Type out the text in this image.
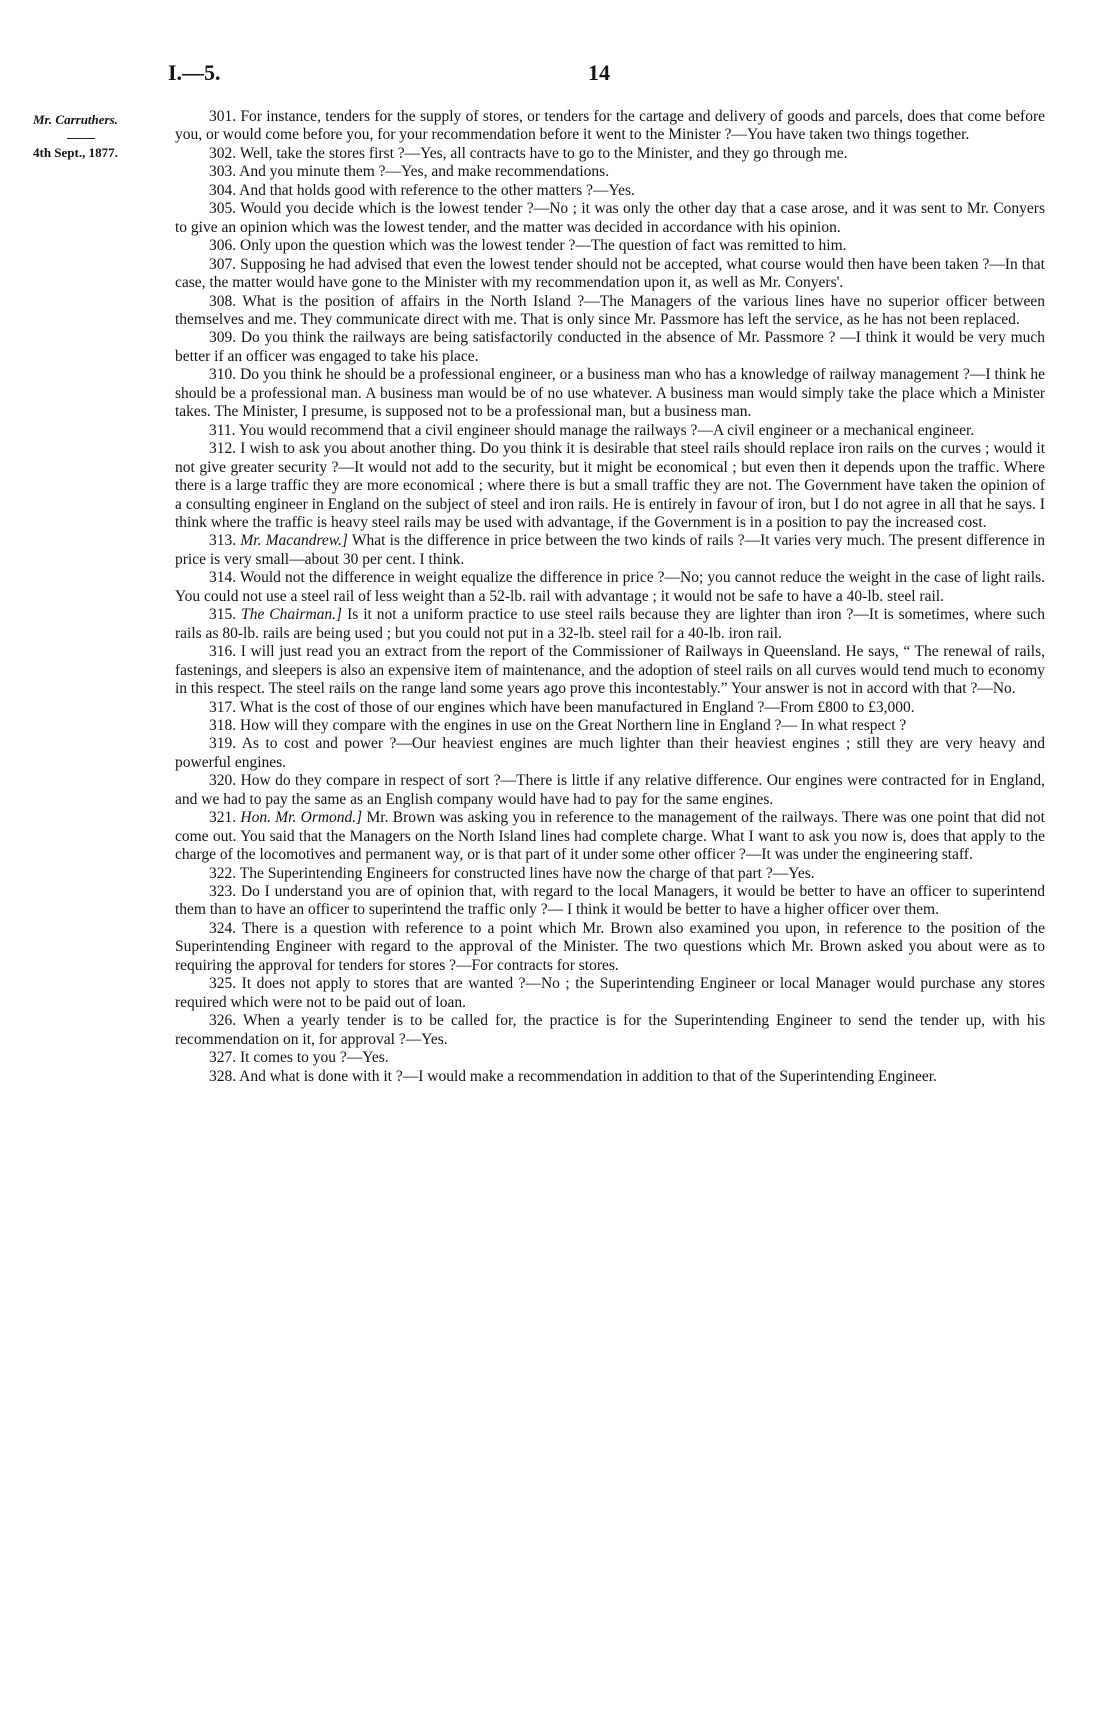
I.—5.	14
Mr. Carruthers.
4th Sept., 1877.

301. For instance, tenders for the supply of stores, or tenders for the cartage and delivery of goods and parcels, does that come before you, or would come before you, for your recommendation before it went to the Minister ?—You have taken two things together.

302. Well, take the stores first ?—Yes, all contracts have to go to the Minister, and they go through me.

303. And you minute them ?—Yes, and make recommendations.

304. And that holds good with reference to the other matters ?—Yes.

305. Would you decide which is the lowest tender ?—No ; it was only the other day that a case arose, and it was sent to Mr. Conyers to give an opinion which was the lowest tender, and the matter was decided in accordance with his opinion.

306. Only upon the question which was the lowest tender ?—The question of fact was remitted to him.

307. Supposing he had advised that even the lowest tender should not be accepted, what course would then have been taken ?—In that case, the matter would have gone to the Minister with my recommendation upon it, as well as Mr. Conyers'.

308. What is the position of affairs in the North Island ?—The Managers of the various lines have no superior officer between themselves and me. They communicate direct with me. That is only since Mr. Passmore has left the service, as he has not been replaced.

309. Do you think the railways are being satisfactorily conducted in the absence of Mr. Passmore ? —I think it would be very much better if an officer was engaged to take his place.

310. Do you think he should be a professional engineer, or a business man who has a knowledge of railway management ?—I think he should be a professional man. A business man would be of no use whatever. A business man would simply take the place which a Minister takes. The Minister, I presume, is supposed not to be a professional man, but a business man.

311. You would recommend that a civil engineer should manage the railways ?—A civil engineer or a mechanical engineer.

312. I wish to ask you about another thing. Do you think it is desirable that steel rails should replace iron rails on the curves ; would it not give greater security ?—It would not add to the security, but it might be economical ; but even then it depends upon the traffic. Where there is a large traffic they are more economical ; where there is but a small traffic they are not. The Government have taken the opinion of a consulting engineer in England on the subject of steel and iron rails. He is entirely in favour of iron, but I do not agree in all that he says. I think where the traffic is heavy steel rails may be used with advantage, if the Government is in a position to pay the increased cost.

313. Mr. Macandrew.] What is the difference in price between the two kinds of rails ?—It varies very much. The present difference in price is very small—about 30 per cent. I think.

314. Would not the difference in weight equalize the difference in price ?—No; you cannot reduce the weight in the case of light rails. You could not use a steel rail of less weight than a 52-lb. rail with advantage ; it would not be safe to have a 40-lb. steel rail.

315. The Chairman.] Is it not a uniform practice to use steel rails because they are lighter than iron ?—It is sometimes, where such rails as 80-lb. rails are being used ; but you could not put in a 32-lb. steel rail for a 40-lb. iron rail.

316. I will just read you an extract from the report of the Commissioner of Railways in Queensland. He says, “ The renewal of rails, fastenings, and sleepers is also an expensive item of maintenance, and the adoption of steel rails on all curves would tend much to economy in this respect. The steel rails on the range land some years ago prove this incontestably.” Your answer is not in accord with that ?—No.

317. What is the cost of those of our engines which have been manufactured in England ?—From £800 to £3,000.

318. How will they compare with the engines in use on the Great Northern line in England ?— In what respect ?

319. As to cost and power ?—Our heaviest engines are much lighter than their heaviest engines ; still they are very heavy and powerful engines.

320. How do they compare in respect of sort ?—There is little if any relative difference. Our engines were contracted for in England, and we had to pay the same as an English company would have had to pay for the same engines.

321. Hon. Mr. Ormond.] Mr. Brown was asking you in reference to the management of the railways. There was one point that did not come out. You said that the Managers on the North Island lines had complete charge. What I want to ask you now is, does that apply to the charge of the locomotives and permanent way, or is that part of it under some other officer ?—It was under the engineering staff.

322. The Superintending Engineers for constructed lines have now the charge of that part ?—Yes.

323. Do I understand you are of opinion that, with regard to the local Managers, it would be better to have an officer to superintend them than to have an officer to superintend the traffic only ?— I think it would be better to have a higher officer over them.

324. There is a question with reference to a point which Mr. Brown also examined you upon, in reference to the position of the Superintending Engineer with regard to the approval of the Minister. The two questions which Mr. Brown asked you about were as to requiring the approval for tenders for stores ?—For contracts for stores.

325. It does not apply to stores that are wanted ?—No ; the Superintending Engineer or local Manager would purchase any stores required which were not to be paid out of loan.

326. When a yearly tender is to be called for, the practice is for the Superintending Engineer to send the tender up, with his recommendation on it, for approval ?—Yes.

327. It comes to you ?—Yes.

328. And what is done with it ?—I would make a recommendation in addition to that of the Superintending Engineer.
